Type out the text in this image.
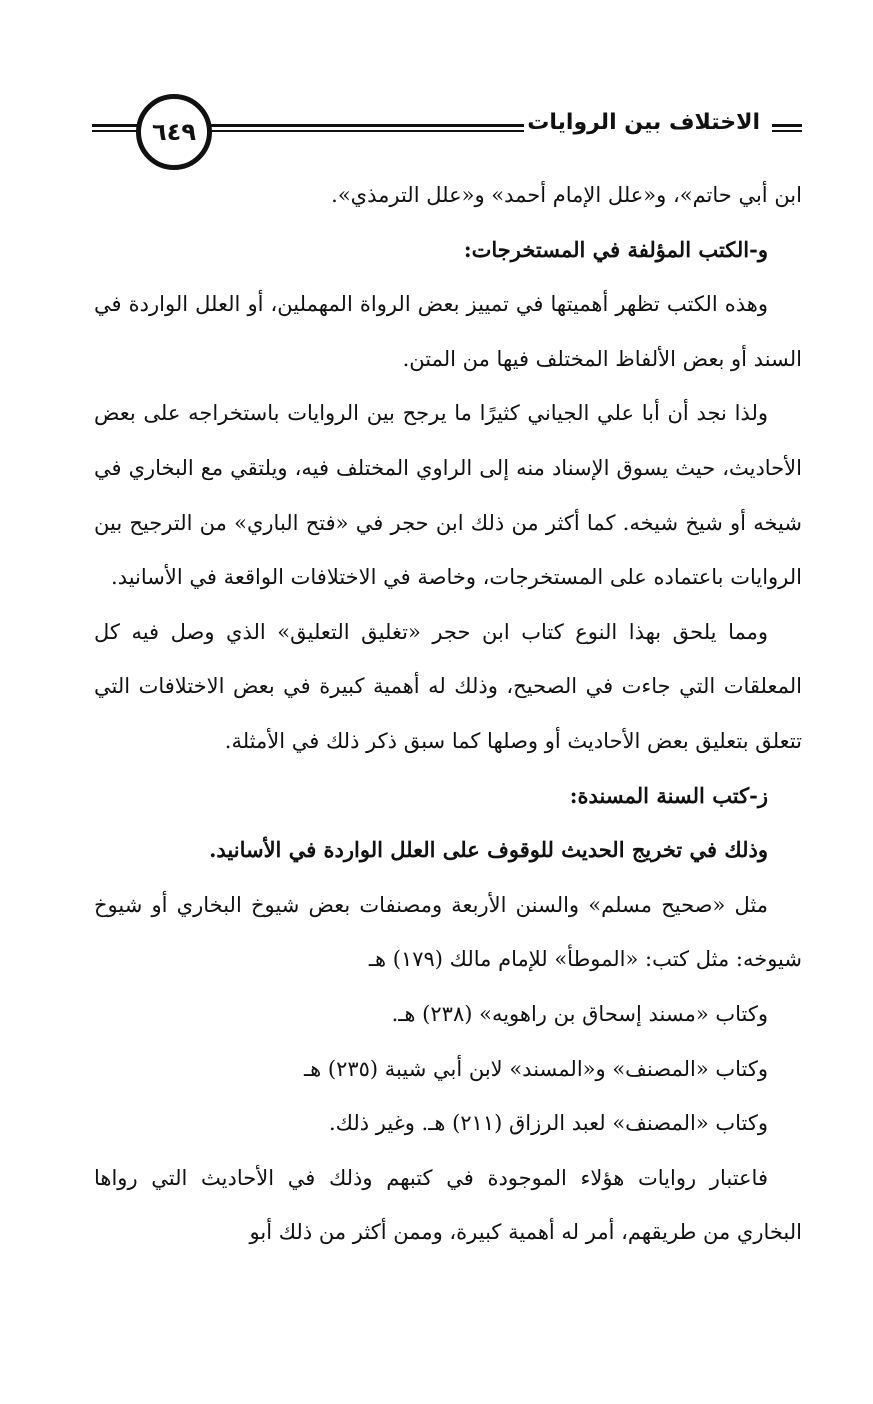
٦٤٩	الاختلاف بين الروايات

ابن أبي حاتم»، و«علل الإمام أحمد» و«علل الترمذي».

و-الكتب المؤلفة في المستخرجات:

وهذه الكتب تظهر أهميتها في تمييز بعض الرواة المهملين، أو العلل الواردة في السند أو بعض الألفاظ المختلف فيها من المتن.

ولذا نجد أن أبا علي الجياني كثيرًا ما يرجح بين الروايات باستخراجه على بعض الأحاديث، حيث يسوق الإسناد منه إلى الراوي المختلف فيه، ويلتقي مع البخاري في شيخه أو شيخ شيخه. كما أكثر من ذلك ابن حجر في «فتح الباري» من الترجيح بين الروايات باعتماده على المستخرجات، وخاصة في الاختلافات الواقعة في الأسانيد.

ومما يلحق بهذا النوع كتاب ابن حجر «تغليق التعليق» الذي وصل فيه كل المعلقات التي جاءت في الصحيح، وذلك له أهمية كبيرة في بعض الاختلافات التي تتعلق بتعليق بعض الأحاديث أو وصلها كما سبق ذكر ذلك في الأمثلة.

ز-كتب السنة المسندة:

وذلك في تخريج الحديث للوقوف على العلل الواردة في الأسانيد.

مثل «صحيح مسلم» والسنن الأربعة ومصنفات بعض شيوخ البخاري أو شيوخ شيوخه: مثل كتب: «الموطأ» للإمام مالك (١٧٩) هـ

وكتاب «مسند إسحاق بن راهويه» (٢٣٨) هـ.

وكتاب «المصنف» و«المسند» لابن أبي شيبة (٢٣٥) هـ

وكتاب «المصنف» لعبد الرزاق (٢١١) هـ. وغير ذلك.

فاعتبار روايات هؤلاء الموجودة في كتبهم وذلك في الأحاديث التي رواها البخاري من طريقهم، أمر له أهمية كبيرة، وممن أكثر من ذلك أبو
